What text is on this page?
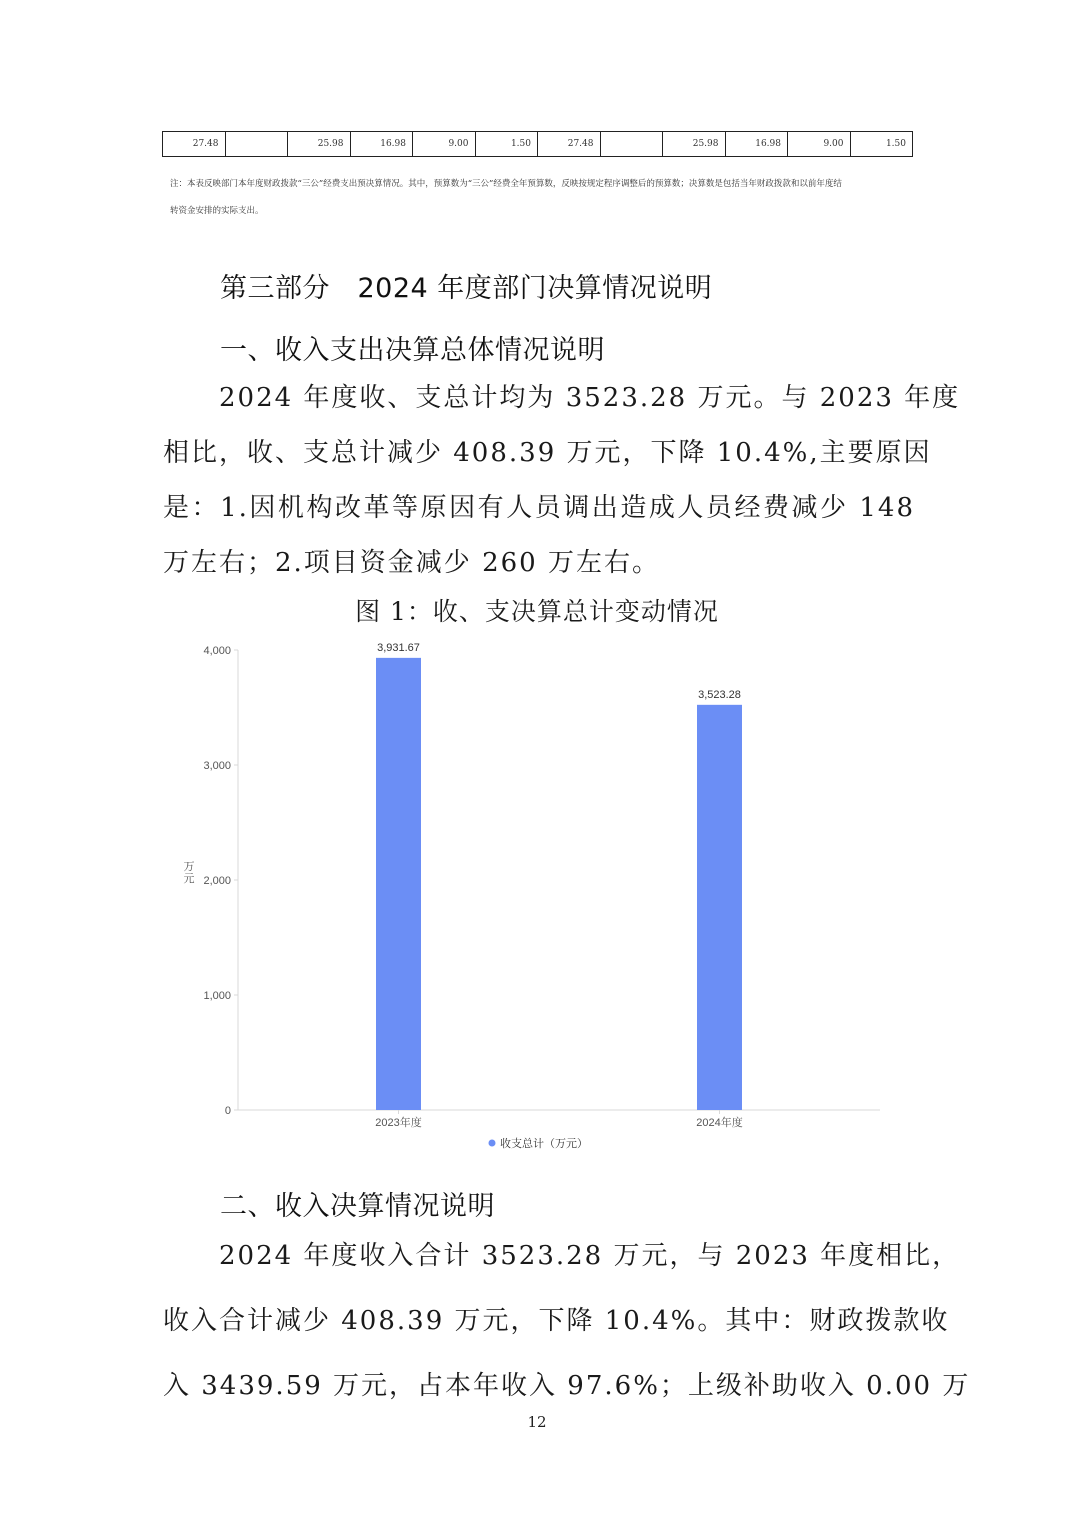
27.48		25.98	16.98	9.00	1.50	27.48		25.98	16.98	9.00	1.50
注：本表反映部门本年度财政拨款“三公”经费支出预决算情况。其中，预算数为“三公”经费全年预算数，反映按规定程序调整后的预算数；决算数是包括当年财政拨款和以前年度结
转资金安排的实际支出。
第三部分　2024 年度部门决算情况说明
一、收入支出决算总体情况说明
　　2024 年度收、支总计均为 3523.28 万元。与 2023 年度
相比，收、支总计减少 408.39 万元，下降 10.4%,主要原因
是：1.因机构改革等原因有人员调出造成人员经费减少 148
万左右；2.项目资金减少 260 万左右。
图 1：收、支决算总计变动情况
0
1,000
2,000
3,000
4,000
万
元
3,931.67
2023年度
3,523.28
2024年度
收支总计（万元）
二、收入决算情况说明
　　2024 年度收入合计 3523.28 万元，与 2023 年度相比，
收入合计减少 408.39 万元，下降 10.4%。其中：财政拨款收
入 3439.59 万元，占本年收入 97.6%；上级补助收入 0.00 万
12
